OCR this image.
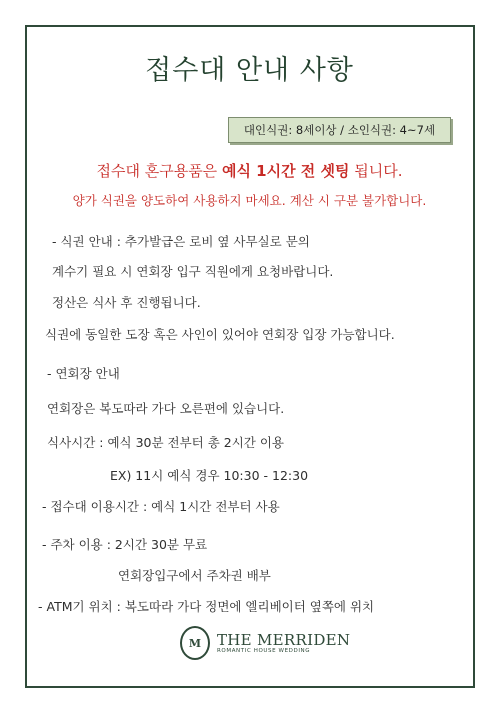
접수대 안내 사항
대인식권: 8세이상 / 소인식권: 4~7세
접수대 혼구용품은 예식 1시간 전 셋팅 됩니다.
양가 식권을 양도하여 사용하지 마세요. 계산 시 구분 불가합니다.
- 식권 안내 : 추가발급은 로비 옆 사무실로 문의
계수기 필요 시 연회장 입구 직원에게 요청바랍니다.
정산은 식사 후 진행됩니다.
식권에 동일한 도장 혹은 사인이 있어야 연회장 입장 가능합니다.
- 연회장 안내
연회장은 복도따라 가다 오른편에 있습니다.
식사시간 : 예식 30분 전부터 총 2시간 이용
EX) 11시 예식 경우 10:30 - 12:30
- 접수대 이용시간 : 예식 1시간 전부터 사용
- 주차 이용 : 2시간 30분 무료
연회장입구에서 주차권 배부
- ATM기 위치 : 복도따라 가다 정면에 엘리베이터 옆쪽에 위치
M	THE MERRIDEN
ROMANTIC HOUSE WEDDING
